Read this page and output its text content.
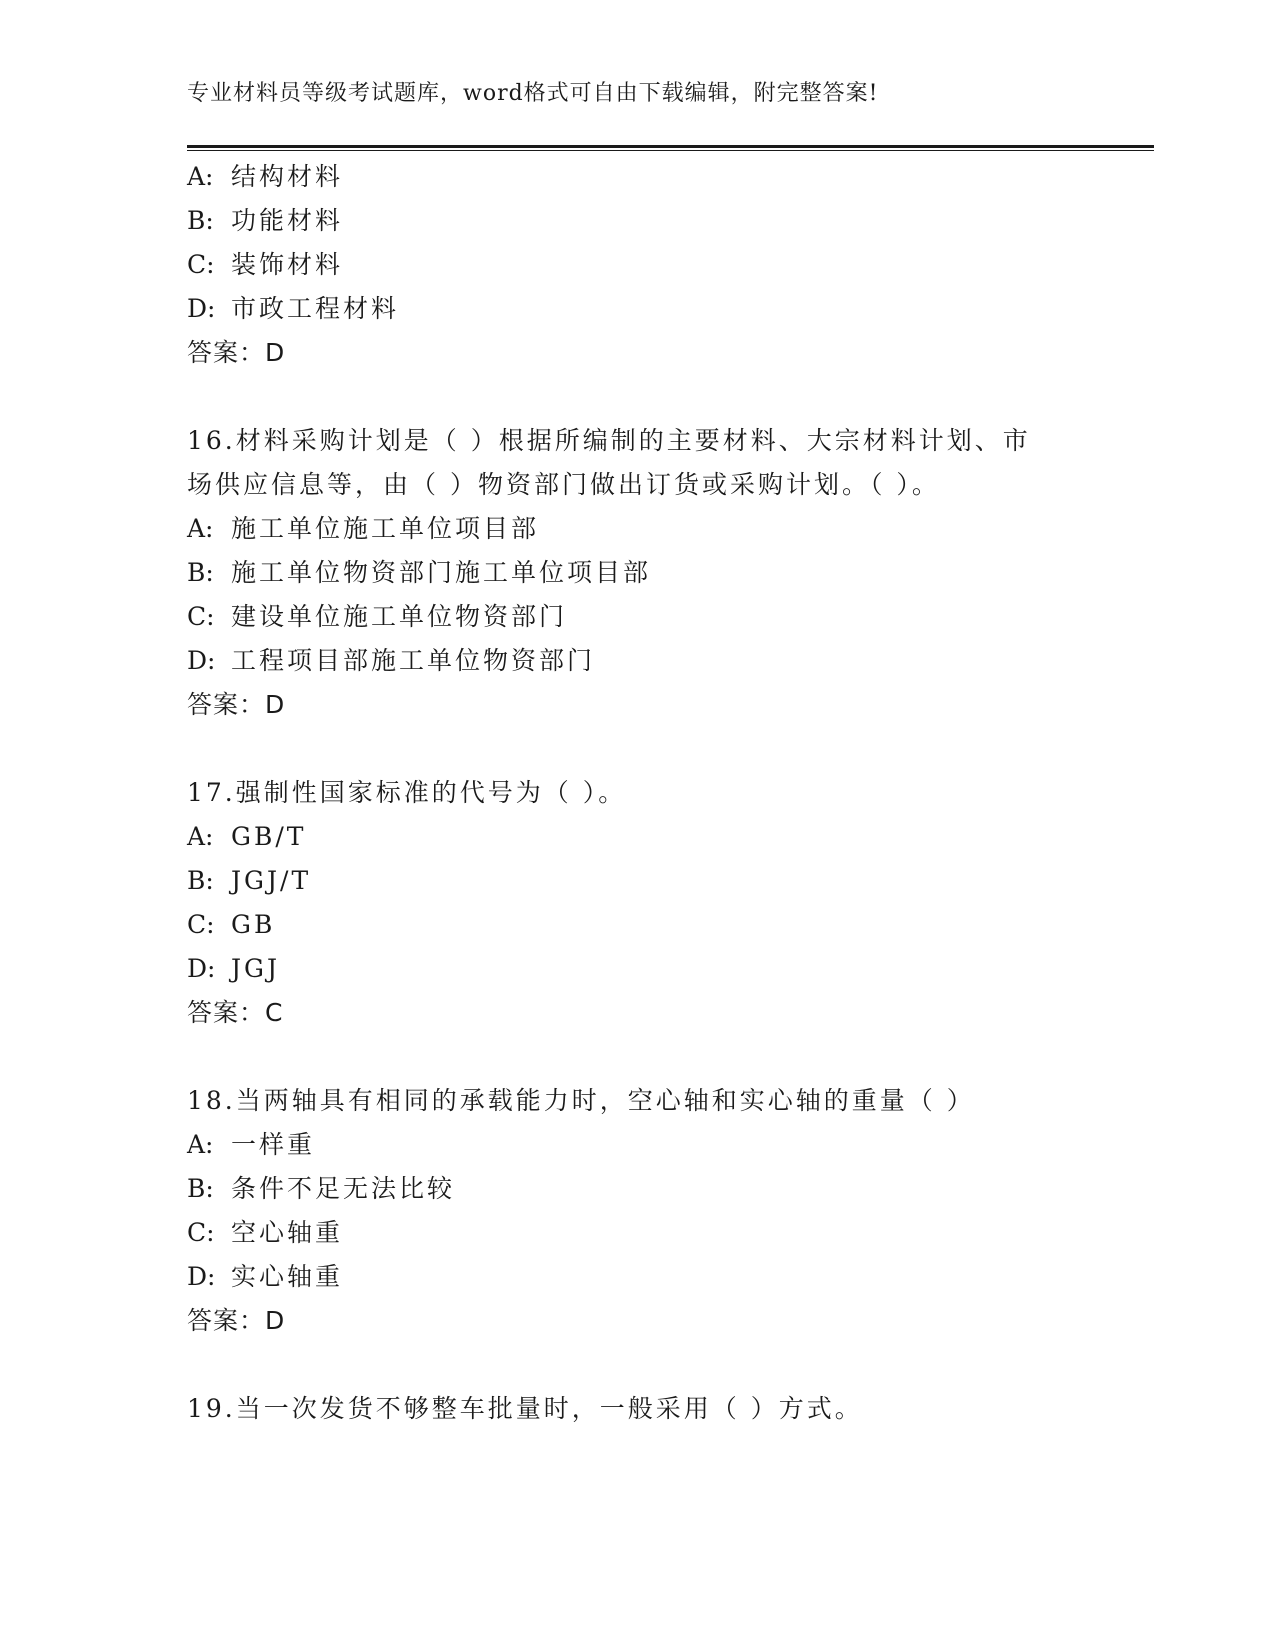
专业材料员等级考试题库，word格式可自由下载编辑，附完整答案!
A: 结构材料
B: 功能材料
C: 装饰材料
D: 市政工程材料
答案：D
16.材料采购计划是（ ）根据所编制的主要材料、大宗材料计划、市
场供应信息等，由（ ）物资部门做出订货或采购计划。（ ）。
A: 施工单位施工单位项目部
B: 施工单位物资部门施工单位项目部
C: 建设单位施工单位物资部门
D: 工程项目部施工单位物资部门
答案：D
17.强制性国家标准的代号为（ ）。
A: GB/T
B: JGJ/T
C: GB
D: JGJ
答案：C
18.当两轴具有相同的承载能力时，空心轴和实心轴的重量（ ）
A: 一样重
B: 条件不足无法比较
C: 空心轴重
D: 实心轴重
答案：D
19.当一次发货不够整车批量时，一般采用（ ）方式。
